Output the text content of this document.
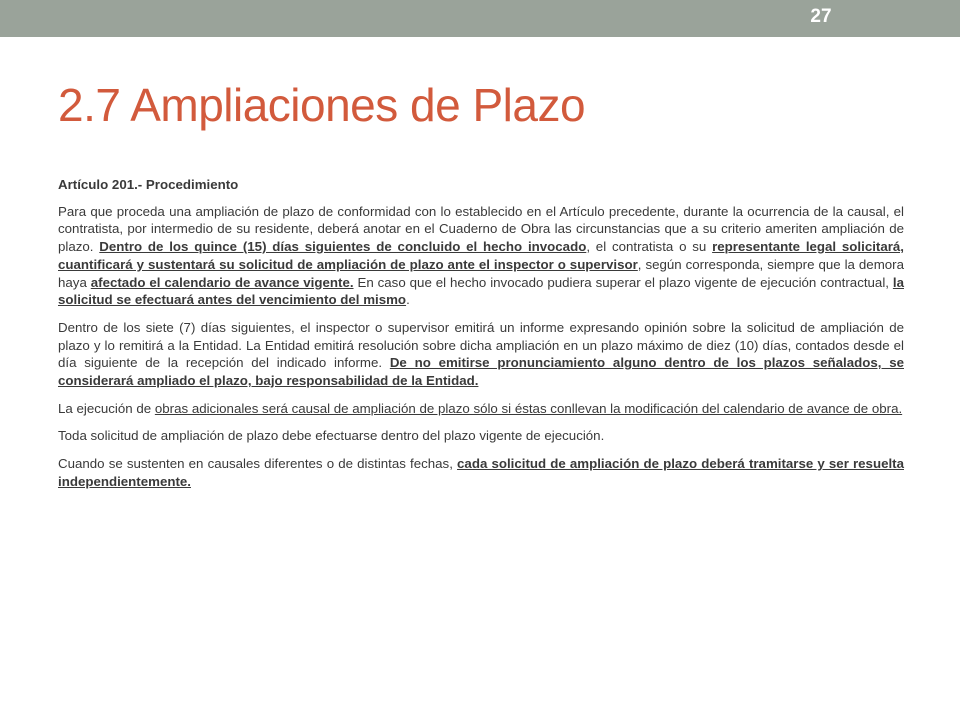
27
2.7 Ampliaciones de Plazo

Artículo 201.- Procedimiento

Para que proceda una ampliación de plazo de conformidad con lo establecido en el Artículo precedente, durante la ocurrencia de la causal, el contratista, por intermedio de su residente, deberá anotar en el Cuaderno de Obra las circunstancias que a su criterio ameriten ampliación de plazo. Dentro de los quince (15) días siguientes de concluido el hecho invocado, el contratista o su representante legal solicitará, cuantificará y sustentará su solicitud de ampliación de plazo ante el inspector o supervisor, según corresponda, siempre que la demora haya afectado el calendario de avance vigente. En caso que el hecho invocado pudiera superar el plazo vigente de ejecución contractual, la solicitud se efectuará antes del vencimiento del mismo.

Dentro de los siete (7) días siguientes, el inspector o supervisor emitirá un informe expresando opinión sobre la solicitud de ampliación de plazo y lo remitirá a la Entidad. La Entidad emitirá resolución sobre dicha ampliación en un plazo máximo de diez (10) días, contados desde el día siguiente de la recepción del indicado informe. De no emitirse pronunciamiento alguno dentro de los plazos señalados, se considerará ampliado el plazo, bajo responsabilidad de la Entidad.

La ejecución de obras adicionales será causal de ampliación de plazo sólo si éstas conllevan la modificación del calendario de avance de obra.

Toda solicitud de ampliación de plazo debe efectuarse dentro del plazo vigente de ejecución.

Cuando se sustenten en causales diferentes o de distintas fechas, cada solicitud de ampliación de plazo deberá tramitarse y ser resuelta independientemente.
